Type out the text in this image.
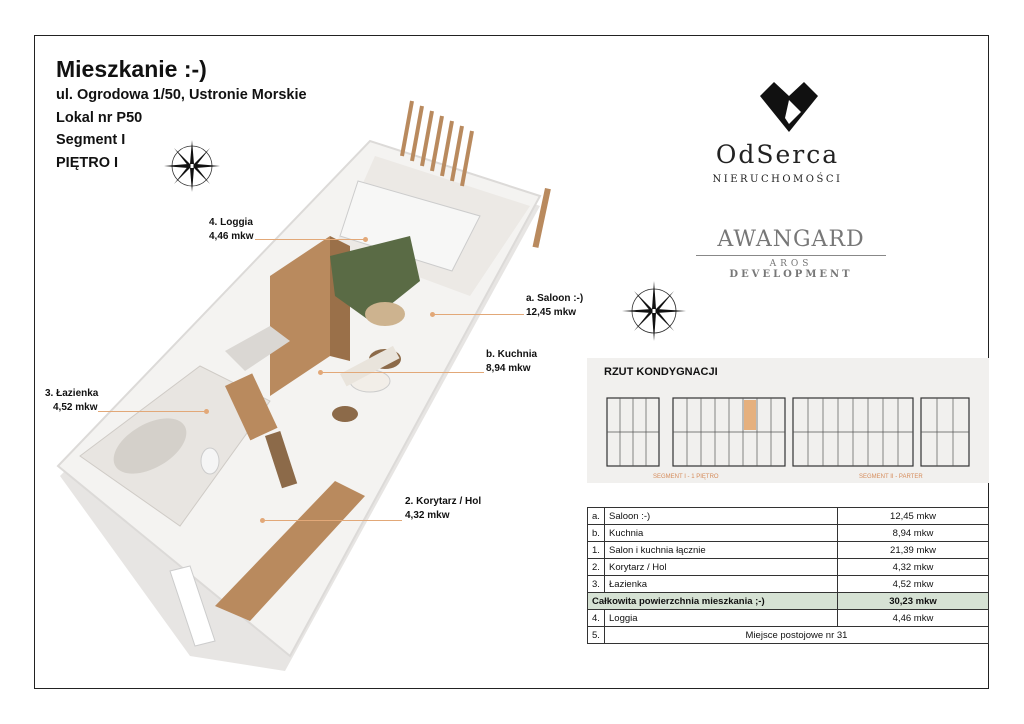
Mieszkanie :-)
ul. Ogrodowa 1/50, Ustronie Morskie
Lokal nr P50
Segment I
PIĘTRO I
4. Loggia
4,46 mkw
a. Saloon :-)
12,45 mkw
b. Kuchnia
8,94 mkw
3. Łazienka
4,52 mkw
2. Korytarz / Hol
4,32 mkw
OdSerca
NIERUCHOMOŚCI
AWANGARD
AROS
DEVELOPMENT
RZUT KONDYGNACJI
SEGMENT I - 1 PIĘTRO	SEGMENT II - PARTER
a.	Saloon :-)	12,45 mkw
b.	Kuchnia	8,94 mkw
1.	Salon i kuchnia łącznie	21,39 mkw
2.	Korytarz / Hol	4,32 mkw
3.	Łazienka	4,52 mkw
Całkowita powierzchnia mieszkania ;-)		30,23 mkw
4.	Loggia	4,46 mkw
5.	Miejsce postojowe nr 31	
